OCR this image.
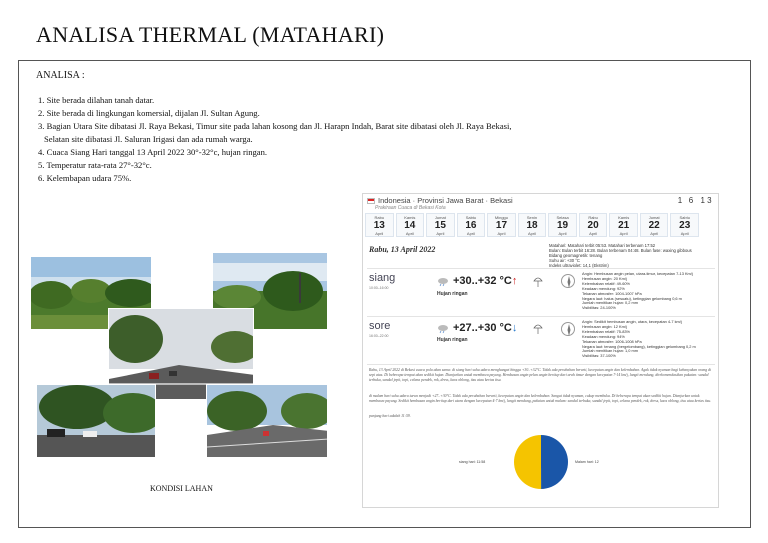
ANALISA THERMAL (MATAHARI)
ANALISA :
1. Site berada dilahan tanah datar.
2. Site berada di lingkungan komersial, dijalan Jl. Sultan Agung.
3. Bagian Utara Site dibatasi Jl. Raya Bekasi, Timur site pada lahan kosong dan Jl. Harapn Indah, Barat site dibatasi oleh Jl. Raya Bekasi,
Selatan site dibatasi Jl. Saluran Irigasi dan ada rumah warga.
4. Cuaca Siang Hari tanggal 13 April 2022 30°-32°c, hujan ringan.
5. Temperatur rata-rata 27°-32°c.
6. Kelembapan udara 75%.
KONDISI LAHAN
Indonesia · Provinsi Jawa Barat · Bekasi
Prakiraan Cuaca di Bekasi Kota
1 6 1 3
Rabu
13
April
Kamis
14
April
Jumat
15
April
Sabtu
16
April
Minggu
17
April
Senin
18
April
Selasa
19
April
Rabu
20
April
Kamis
21
April
Jumat
22
April
Sabtu
23
April
Rabu, 13 April 2022	Matahari: Matahari terbit 05:53. Matahari terbenam 17:52
Bulan: Bulan terbit 16:28. Bulan terbenam 04:48. Bulan fase: waxing gibbous
Bidang geomagnetik: tenang
Suhu air: +30 °C
Indeks ultraviolet: 14,1 (Ekstrim)
siang
10:00–16:00
+30..+32 °C↑
Hujan ringan
Angin: Hembusan angin pelan, utara-timur, kecepatan 7-13 Km/j
Hembusan angin: 20 Km/j
Kelembaban relatif: 49-60%
Keadaan mendung: 92%
Tekanan atmosfer: 1004-1007 hPa
Negara laut: halus (sesuatu), ketinggian gelombang 0,6 m
Jumlah menitikan hujan: 0,2 mm
Visibilitas: 24-100%
sore
16:00–22:00
+27..+30 °C↓
Hujan ringan
Angin: Sedikit hembusan angin, utara, kecepatan 4-7 km/j
Hembusan angin: 12 Km/j
Kelembaban relatif: 75-83%
Keadaan mendung: 94%
Tekanan atmosfer: 1006-1008 hPa
Negara laut: tenang (bergelombang), ketinggian gelombang 0,2 m
Jumlah menitikan hujan: 1,0 mm
Visibilitas: 37-100%
Rabu, 13 April 2022 di Bekasi cuaca pola akan sama: di siang hari suhu udara menghangat hingga +30..+32°C. Tidak ada perubahan berarti, kecepatan angin dan kelembaban. Agak tidak nyaman bagi kebanyakan orang di sepi atas. Di beberapa tempat akan sedikit hujan. Dianjurkan untuk membawa payung. Hembusan angin pelan angin bertiup dari arah timur dengan kecepatan 7-14 km/j, langit mendung, direkomendasikan pakaian: sandal terbuka, sandal jepit, topi, celana pendek, rok, dress, kaos oblong, tisu atau kertas tisu.
di malam hari suhu udara turun menjadi +27..+30°C. Tidak ada perubahan berarti, kecepatan angin dan kelembaban. Sangat tidak nyaman, cukup membuka. Di beberapa tempat akan sedikit hujan. Dianjurkan untuk membawa payung. Sedikit hembusan angin bertiup dari utara dengan kecepatan 4-7 km/j, langit mendung, pakaian untuk malam: sandal terbuka, sandal jepit, topi, celana pendek, rok, dress, kaos oblong, tisu atau kertas tisu.
panjang hari adalah 11:59.
siang hari: 11:58	Malam hari: 12
